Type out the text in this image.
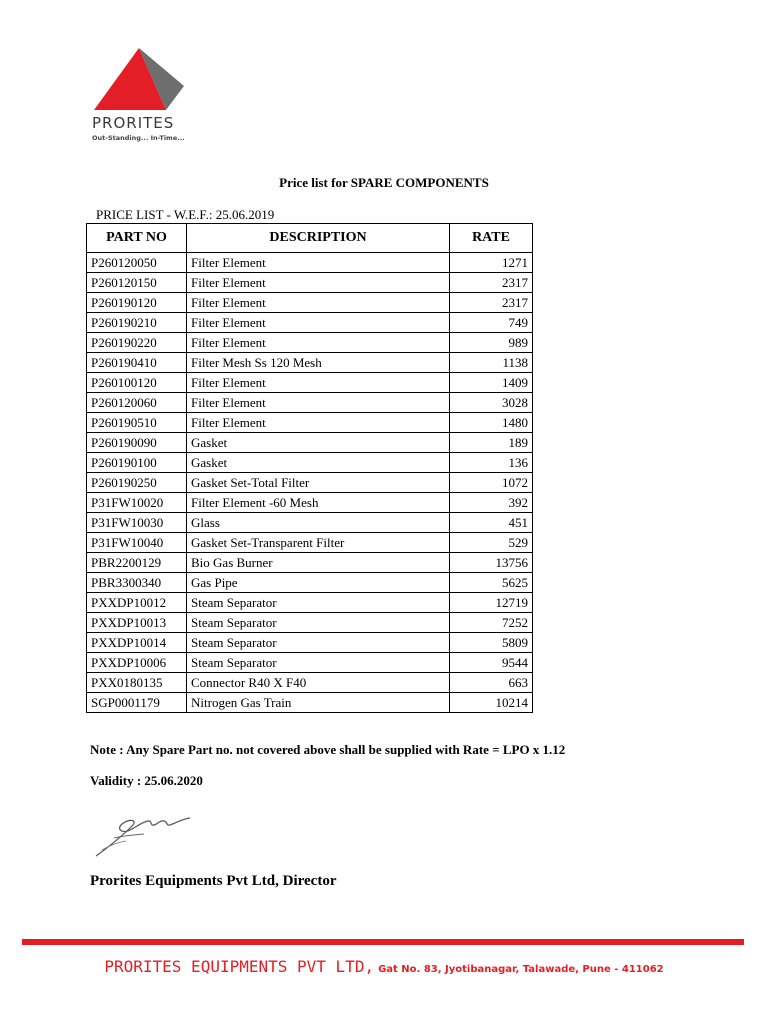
PRORITES
Out-Standing... In-Time...
Price list for SPARE COMPONENTS
PRICE LIST - W.E.F.: 25.06.2019
PART NO	DESCRIPTION	RATE
P260120050	Filter Element	1271
P260120150	Filter Element	2317
P260190120	Filter Element	2317
P260190210	Filter Element	749
P260190220	Filter Element	989
P260190410	Filter Mesh Ss 120 Mesh	1138
P260100120	Filter Element	1409
P260120060	Filter Element	3028
P260190510	Filter Element	1480
P260190090	Gasket	189
P260190100	Gasket	136
P260190250	Gasket Set-Total Filter	1072
P31FW10020	Filter Element -60 Mesh	392
P31FW10030	Glass	451
P31FW10040	Gasket Set-Transparent Filter	529
PBR2200129	Bio Gas Burner	13756
PBR3300340	Gas Pipe	5625
PXXDP10012	Steam Separator	12719
PXXDP10013	Steam Separator	7252
PXXDP10014	Steam Separator	5809
PXXDP10006	Steam Separator	9544
PXX0180135	Connector R40 X F40	663
SGP0001179	Nitrogen Gas Train	10214
Note : Any Spare Part no. not covered above shall be supplied with Rate = LPO x 1.12
Validity : 25.06.2020
Prorites Equipments Pvt Ltd, Director
PRORITES EQUIPMENTS PVT LTD, Gat No. 83, Jyotibanagar, Talawade, Pune - 411062
